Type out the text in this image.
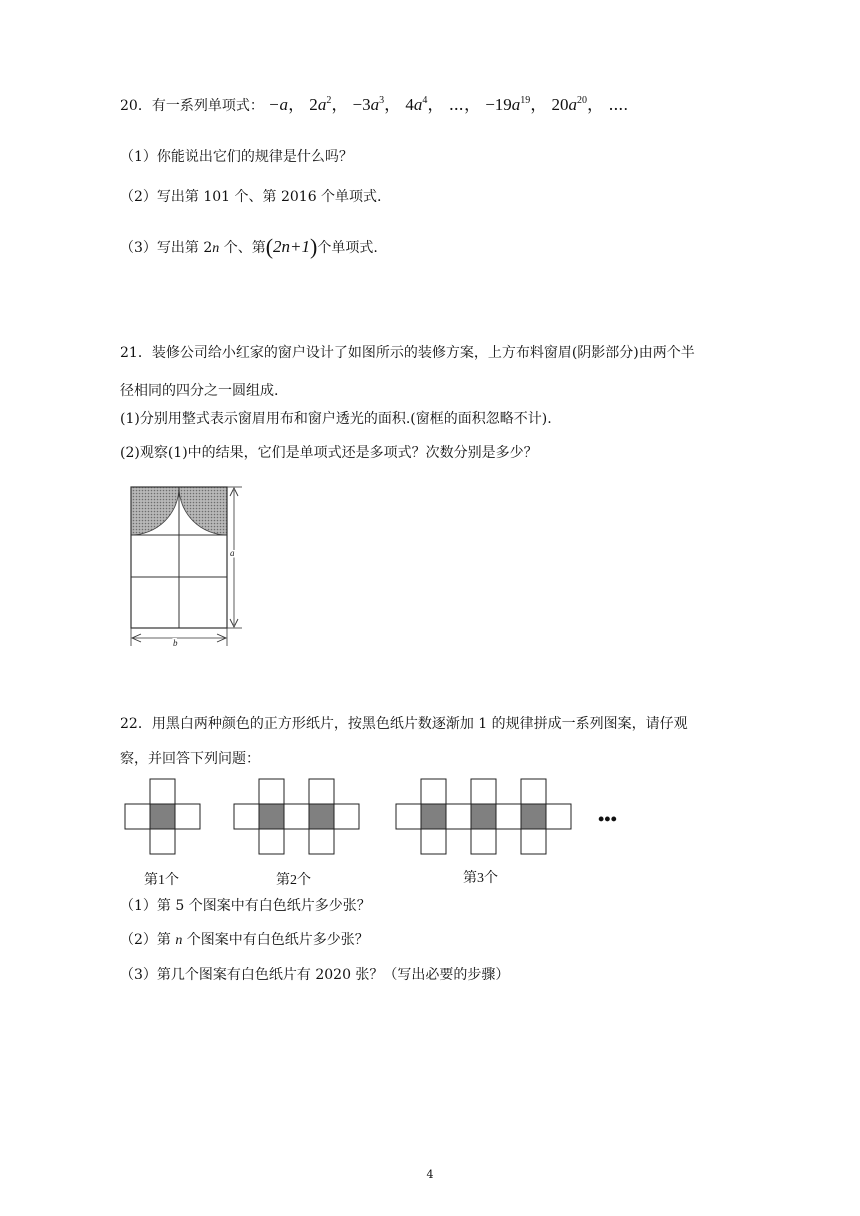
20．有一系列单项式： −a， $2a^2$， $-3a^3$， $4a^4$， ⋯， $-19a^{19}$， $20a^{20}$， ⋯.
（1）你能说出它们的规律是什么吗？
（2）写出第 101 个、第 2016 个单项式.
（3）写出第 2n 个、第(2n+1)个单项式.
21．装修公司给小红家的窗户设计了如图所示的装修方案，上方布料窗眉(阴影部分)由两个半
径相同的四分之一圆组成.
(1)分别用整式表示窗眉用布和窗户透光的面积.(窗框的面积忽略不计).
(2)观察(1)中的结果，它们是单项式还是多项式？次数分别是多少？
a
b
22．用黑白两种颜色的正方形纸片，按黑色纸片数逐渐加 1 的规律拼成一系列图案，请仔观
察，并回答下列问题：
第1个	第2个	第3个
•••
（1）第 5 个图案中有白色纸片多少张？
（2）第 n 个图案中有白色纸片多少张？
（3）第几个图案有白色纸片有 2020 张？（写出必要的步骤）
4
